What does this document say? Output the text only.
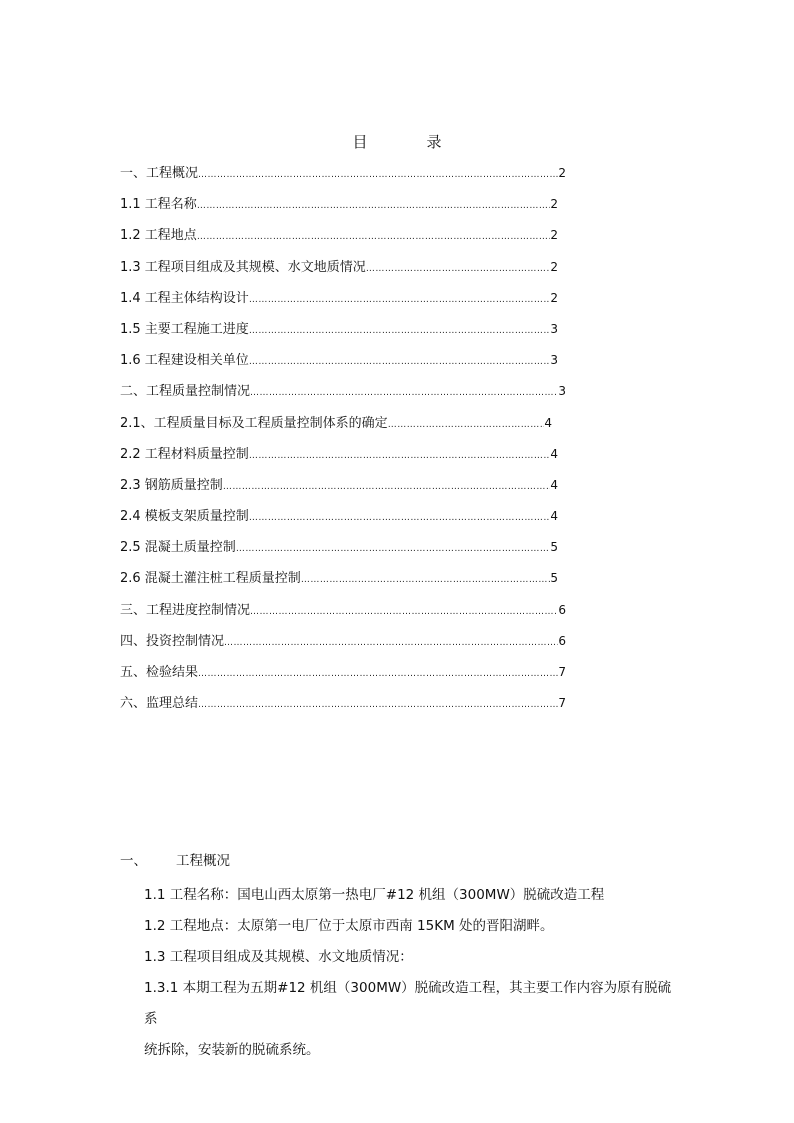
目　录
一、工程概况 …………………………………………………………………………………………………………………………………………………………	2
1.1 工程名称 …………………………………………………………………………………………………………………………………………………………	2
1.2 工程地点 …………………………………………………………………………………………………………………………………………………………	2
1.3 工程项目组成及其规模、水文地质情况 …………………………………………………………………………………………………………………………………………………………	2
1.4 工程主体结构设计 …………………………………………………………………………………………………………………………………………………………	2
1.5 主要工程施工进度 …………………………………………………………………………………………………………………………………………………………	3
1.6 工程建设相关单位 …………………………………………………………………………………………………………………………………………………………	3
二、工程质量控制情况 …………………………………………………………………………………………………………………………………………………………	3
2.1、工程质量目标及工程质量控制体系的确定 …………………………………………………………………………………………………………………………………………………………	4
2.2 工程材料质量控制 …………………………………………………………………………………………………………………………………………………………	4
2.3 钢筋质量控制 …………………………………………………………………………………………………………………………………………………………	4
2.4 模板支架质量控制 …………………………………………………………………………………………………………………………………………………………	4
2.5 混凝土质量控制 …………………………………………………………………………………………………………………………………………………………	5
2.6 混凝土灌注桩工程质量控制 …………………………………………………………………………………………………………………………………………………………	5
三、工程进度控制情况 …………………………………………………………………………………………………………………………………………………………	6
四、投资控制情况 …………………………………………………………………………………………………………………………………………………………	6
五、检验结果 …………………………………………………………………………………………………………………………………………………………	7
六、监理总结 …………………………………………………………………………………………………………………………………………………………	7
一、 工程概况
1.1 工程名称：国电山西太原第一热电厂#12 机组（300MW）脱硫改造工程
1.2 工程地点：太原第一电厂位于太原市西南 15KM 处的晋阳湖畔。
1.3 工程项目组成及其规模、水文地质情况：
1.3.1 本期工程为五期#12 机组（300MW）脱硫改造工程，其主要工作内容为原有脱硫系
统拆除，安装新的脱硫系统。
